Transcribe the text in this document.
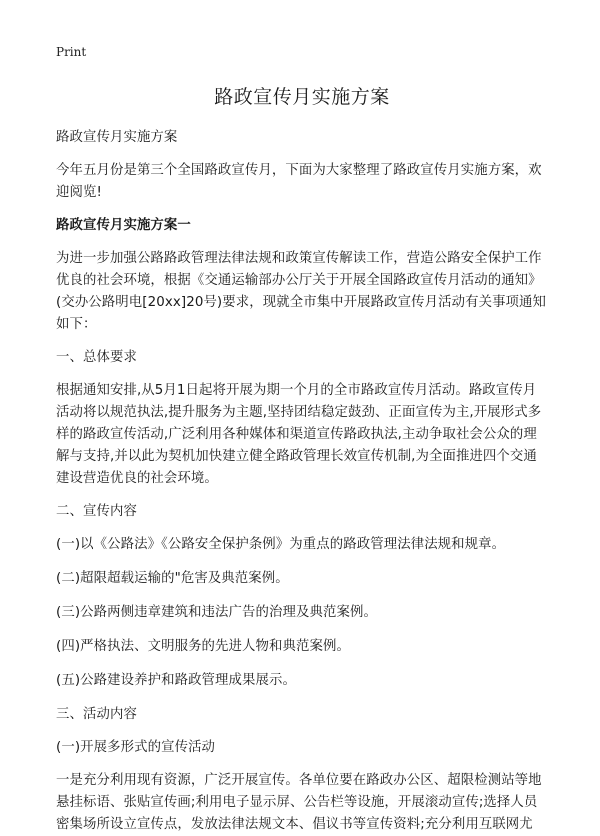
Print
路政宣传月实施方案

路政宣传月实施方案

今年五月份是第三个全国路政宣传月，下面为大家整理了路政宣传月实施方案，欢迎阅览!

路政宣传月实施方案一

为进一步加强公路路政管理法律法规和政策宣传解读工作，营造公路安全保护工作优良的社会环境，根据《交通运输部办公厅关于开展全国路政宣传月活动的通知》(交办公路明电[20xx]20号)要求，现就全市集中开展路政宣传月活动有关事项通知如下：

一、总体要求

根据通知安排,从5月1日起将开展为期一个月的全市路政宣传月活动。路政宣传月活动将以规范执法,提升服务为主题,坚持团结稳定鼓劲、正面宣传为主,开展形式多样的路政宣传活动,广泛利用各种媒体和渠道宣传路政执法,主动争取社会公众的理解与支持,并以此为契机加快建立健全路政管理长效宣传机制,为全面推进四个交通建设营造优良的社会环境。

二、宣传内容

(一)以《公路法》《公路安全保护条例》为重点的路政管理法律法规和规章。

(二)超限超载运输的"危害及典范案例。

(三)公路两侧违章建筑和违法广告的治理及典范案例。

(四)严格执法、文明服务的先进人物和典范案例。

(五)公路建设养护和路政管理成果展示。

三、活动内容

(一)开展多形式的宣传活动

一是充分利用现有资源，广泛开展宣传。各单位要在路政办公区、超限检测站等地悬挂标语、张贴宣传画;利用电子显示屏、公告栏等设施，开展滚动宣传;选择人员密集场所设立宣传点，发放法律法规文本、倡议书等宣传资料;充分利用互联网尤
